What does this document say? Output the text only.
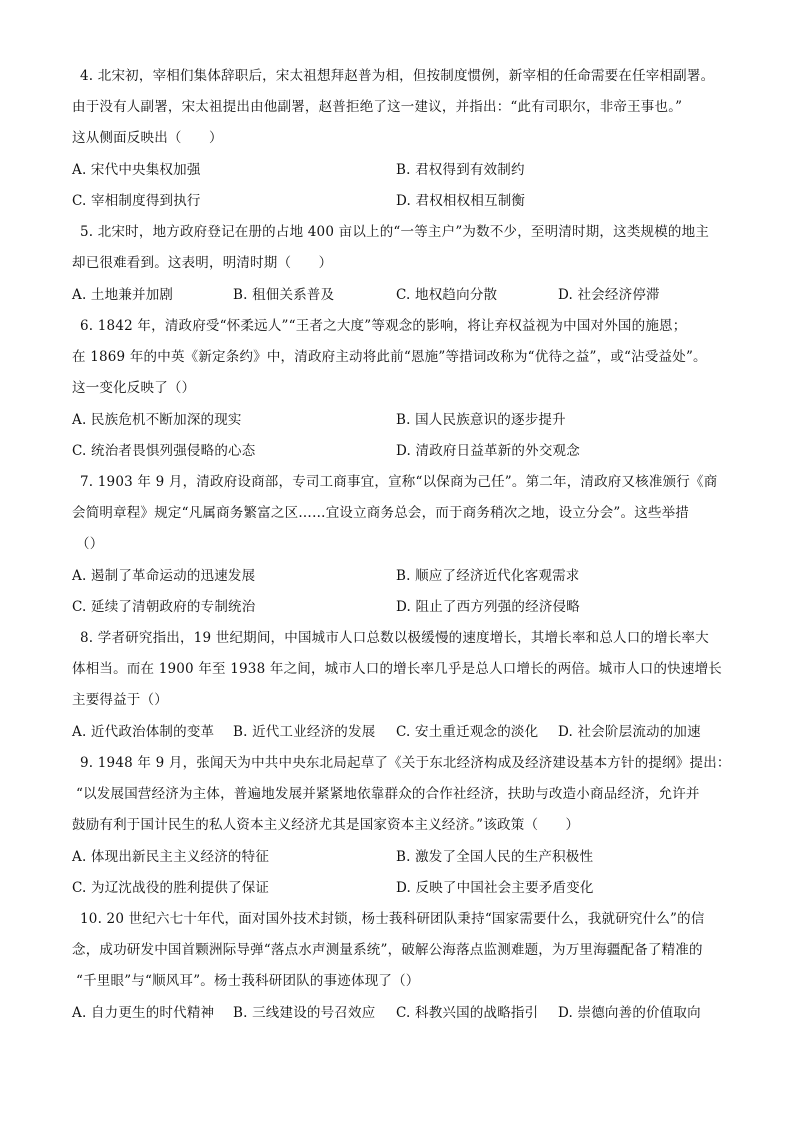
4. 北宋初，宰相们集体辞职后，宋太祖想拜赵普为相，但按制度惯例，新宰相的任命需要在任宰相副署。
由于没有人副署，宋太祖提出由他副署，赵普拒绝了这一建议，并指出：“此有司职尔，非帝王事也。”
这从侧面反映出（　　）
A. 宋代中央集权加强	B. 君权得到有效制约
C. 宰相制度得到执行	D. 君权相权相互制衡
5. 北宋时，地方政府登记在册的占地 400 亩以上的“一等主户”为数不少，至明清时期，这类规模的地主
却已很难看到。这表明，明清时期（　　）
A. 土地兼并加剧	B. 租佃关系普及	C. 地权趋向分散	D. 社会经济停滞
6. 1842 年，清政府受“怀柔远人”“王者之大度”等观念的影响，将让弃权益视为中国对外国的施恩；
在 1869 年的中英《新定条约》中，清政府主动将此前“恩施”等措词改称为“优待之益”，或“沾受益处”。
这一变化反映了（）
A. 民族危机不断加深的现实	B. 国人民族意识的逐步提升
C. 统治者畏惧列强侵略的心态	D. 清政府日益革新的外交观念
7. 1903 年 9 月，清政府设商部，专司工商事宜，宣称“以保商为己任”。第二年，清政府又核准颁行《商
会简明章程》规定“凡属商务繁富之区……宜设立商务总会，而于商务稍次之地，设立分会”。这些举措
（）
A. 遏制了革命运动的迅速发展	B. 顺应了经济近代化客观需求
C. 延续了清朝政府的专制统治	D. 阻止了西方列强的经济侵略
8. 学者研究指出，19 世纪期间，中国城市人口总数以极缓慢的速度增长，其增长率和总人口的增长率大
体相当。而在 1900 年至 1938 年之间，城市人口的增长率几乎是总人口增长的两倍。城市人口的快速增长
主要得益于（）
A. 近代政治体制的变革 B. 近代工业经济的发展 C. 安土重迁观念的淡化 D. 社会阶层流动的加速
9. 1948 年 9 月，张闻天为中共中央东北局起草了《关于东北经济构成及经济建设基本方针的提纲》提出：
“以发展国营经济为主体，普遍地发展并紧紧地依靠群众的合作社经济，扶助与改造小商品经济，允许并
鼓励有利于国计民生的私人资本主义经济尤其是国家资本主义经济。”该政策（　　）
A. 体现出新民主主义经济的特征	B. 激发了全国人民的生产积极性
C. 为辽沈战役的胜利提供了保证	D. 反映了中国社会主要矛盾变化
10. 20 世纪六七十年代，面对国外技术封锁，杨士莪科研团队秉持“国家需要什么，我就研究什么”的信
念，成功研发中国首颗洲际导弹“落点水声测量系统”，破解公海落点监测难题，为万里海疆配备了精准的
“千里眼”与“顺风耳”。杨士莪科研团队的事迹体现了（）
A. 自力更生的时代精神 B. 三线建设的号召效应 C. 科教兴国的战略指引 D. 崇德向善的价值取向
